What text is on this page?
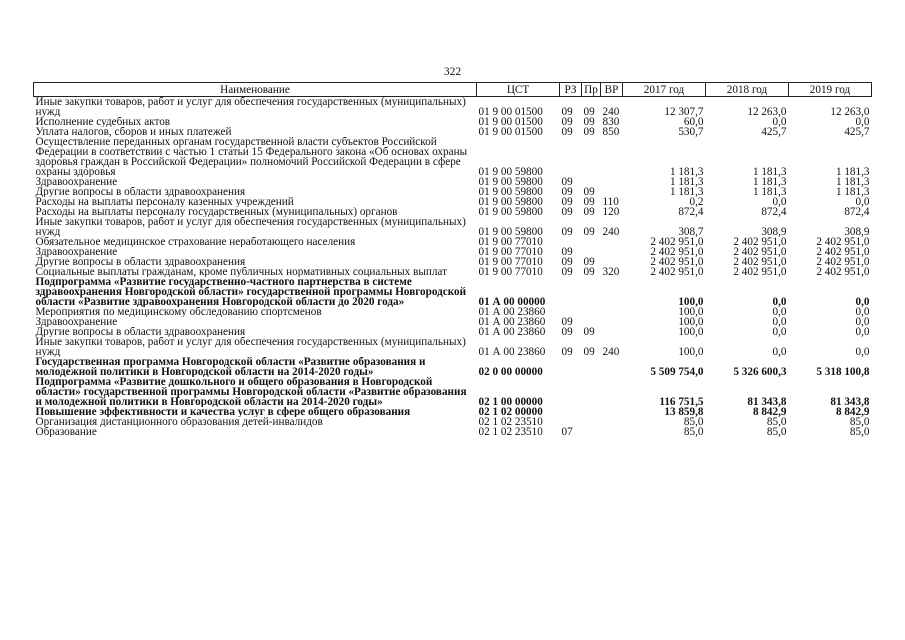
322
Наименование	ЦСТ	РЗ	Пр	ВР	2017 год	2018 год	2019 год
Иные закупки товаров, работ и услуг для обеспечения государственных (муниципальных) нужд	01 9 00 01500	09	09	240	12 307,7	12 263,0	12 263,0
Исполнение судебных актов	01 9 00 01500	09	09	830	60,0	0,0	0,0
Уплата налогов, сборов и иных платежей	01 9 00 01500	09	09	850	530,7	425,7	425,7
Осуществление переданных органам государственной власти субъектов Российской Федерации в соответствии с частью 1 статьи 15 Федерального закона «Об основах охраны здоровья граждан в Российской Федерации» полномочий Российской Федерации в сфере охраны здоровья	01 9 00 59800				1 181,3	1 181,3	1 181,3
Здравоохранение	01 9 00 59800	09			1 181,3	1 181,3	1 181,3
Другие вопросы в области здравоохранения	01 9 00 59800	09	09		1 181,3	1 181,3	1 181,3
Расходы на выплаты персоналу казенных учреждений	01 9 00 59800	09	09	110	0,2	0,0	0,0
Расходы на выплаты персоналу государственных (муниципальных) органов	01 9 00 59800	09	09	120	872,4	872,4	872,4
Иные закупки товаров, работ и услуг для обеспечения государственных (муниципальных) нужд	01 9 00 59800	09	09	240	308,7	308,9	308,9
Обязательное медицинское страхование неработающего населения	01 9 00 77010				2 402 951,0	2 402 951,0	2 402 951,0
Здравоохранение	01 9 00 77010	09			2 402 951,0	2 402 951,0	2 402 951,0
Другие вопросы в области здравоохранения	01 9 00 77010	09	09		2 402 951,0	2 402 951,0	2 402 951,0
Социальные выплаты гражданам, кроме публичных нормативных социальных выплат	01 9 00 77010	09	09	320	2 402 951,0	2 402 951,0	2 402 951,0
Подпрограмма «Развитие государственно-частного партнерства в системе здравоохранения Новгородской области» государственной программы Новгородской области «Развитие здравоохранения Новгородской области до 2020 года»	01 А 00 00000				100,0	0,0	0,0
Мероприятия по медицинскому обследованию спортсменов	01 А 00 23860				100,0	0,0	0,0
Здравоохранение	01 А 00 23860	09			100,0	0,0	0,0
Другие вопросы в области здравоохранения	01 А 00 23860	09	09		100,0	0,0	0,0
Иные закупки товаров, работ и услуг для обеспечения государственных (муниципальных) нужд	01 А 00 23860	09	09	240	100,0	0,0	0,0
Государственная программа Новгородской области «Развитие образования и молодежной политики в Новгородской области на 2014-2020 годы»	02 0 00 00000				5 509 754,0	5 326 600,3	5 318 100,8
Подпрограмма «Развитие дошкольного и общего образования в Новгородской области» государственной программы Новгородской области «Развитие образования и молодежной политики в Новгородской области на 2014-2020 годы»	02 1 00 00000				116 751,5	81 343,8	81 343,8
Повышение эффективности и качества услуг в сфере общего образования	02 1 02 00000				13 859,8	8 842,9	8 842,9
Организация дистанционного образования детей-инвалидов	02 1 02 23510				85,0	85,0	85,0
Образование	02 1 02 23510	07			85,0	85,0	85,0
